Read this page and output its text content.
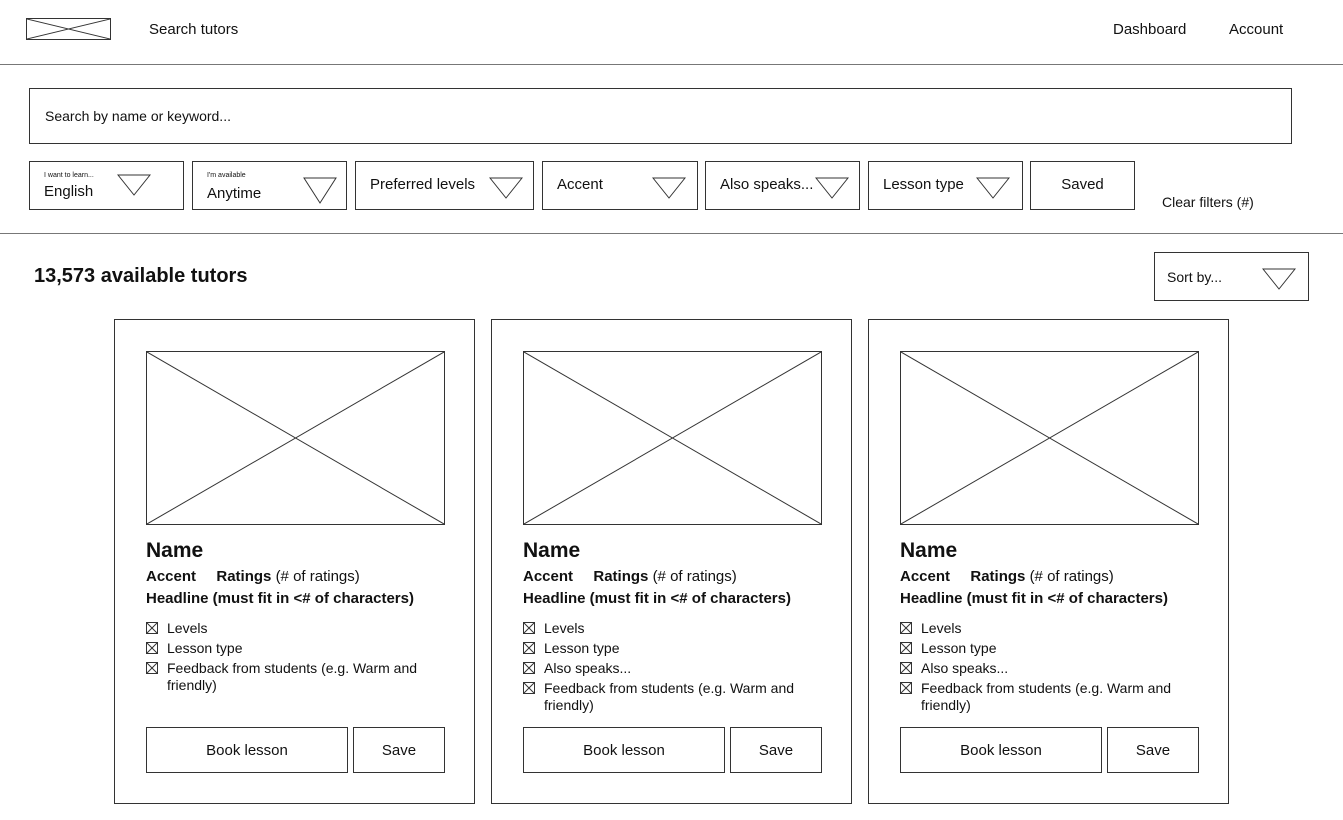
Search tutors	Dashboard	Account
Search by name or keyword...
I want to learn...
English
I'm available
Anytime
Preferred levels	Accent	Also speaks...	Lesson type	Saved
Clear filters (#)
13,573 available tutors	Sort by...
Name
Accent Ratings (# of ratings)
Headline (must fit in <# of characters)
Levels
Lesson type
Feedback from students (e.g. Warm and friendly)
Book lesson	Save
Name
Accent Ratings (# of ratings)
Headline (must fit in <# of characters)
Levels
Lesson type
Also speaks...
Feedback from students (e.g. Warm and friendly)
Book lesson	Save
Name
Accent Ratings (# of ratings)
Headline (must fit in <# of characters)
Levels
Lesson type
Also speaks...
Feedback from students (e.g. Warm and friendly)
Book lesson	Save
